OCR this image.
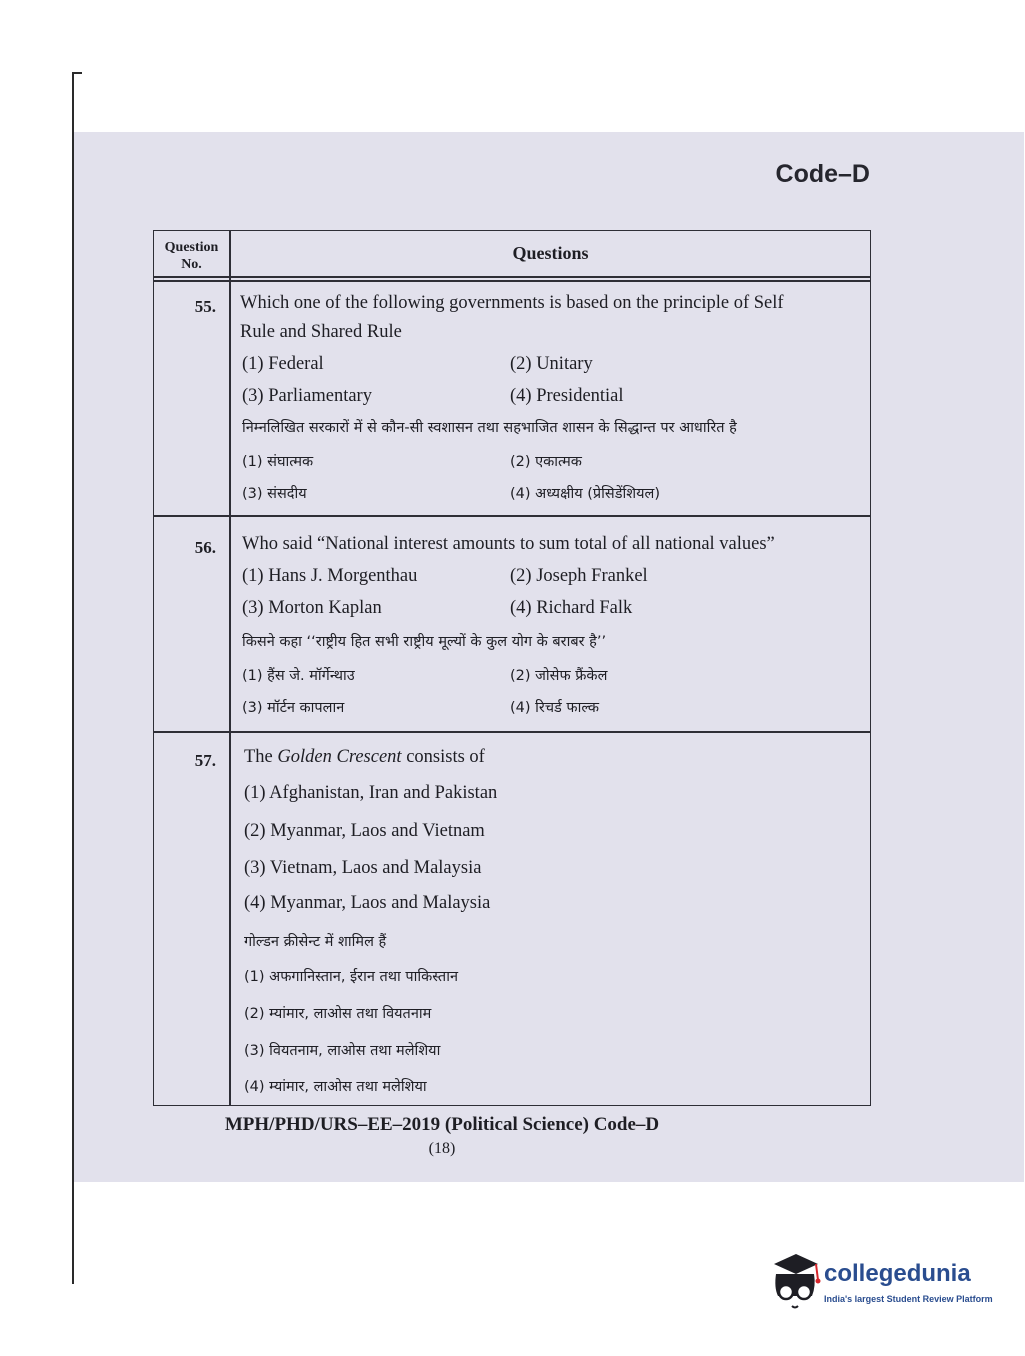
Code–D
Question
No.
Questions
55. Which one of the following governments is based on the principle of Self
Rule and Shared Rule
(1) Federal	(2) Unitary
(3) Parliamentary	(4) Presidential
निम्नलिखित सरकारों में से कौन-सी स्वशासन तथा सहभाजित शासन के सिद्धान्त पर आधारित है
(1) संघात्मक	(2) एकात्मक
(3) संसदीय	(4) अध्यक्षीय (प्रेसिडेंशियल)
56. Who said “National interest amounts to sum total of all national values”
(1) Hans J. Morgenthau	(2) Joseph Frankel
(3) Morton Kaplan	(4) Richard Falk
किसने कहा ‘‘राष्ट्रीय हित सभी राष्ट्रीय मूल्यों के कुल योग के बराबर है’’
(1) हैंस जे. मॉर्गेन्थाउ	(2) जोसेफ फ्रैंकेल
(3) मॉर्टन कापलान	(4) रिचर्ड फाल्क
57. The Golden Crescent consists of
(1) Afghanistan, Iran and Pakistan
(2) Myanmar, Laos and Vietnam
(3) Vietnam, Laos and Malaysia
(4) Myanmar, Laos and Malaysia
गोल्डन क्रीसेन्ट में शामिल हैं
(1) अफगानिस्तान, ईरान तथा पाकिस्तान
(2) म्यांमार, लाओस तथा वियतनाम
(3) वियतनाम, लाओस तथा मलेशिया
(4) म्यांमार, लाओस तथा मलेशिया
MPH/PHD/URS–EE–2019 (Political Science) Code–D
(18)
collegedunia
India's largest Student Review Platform
